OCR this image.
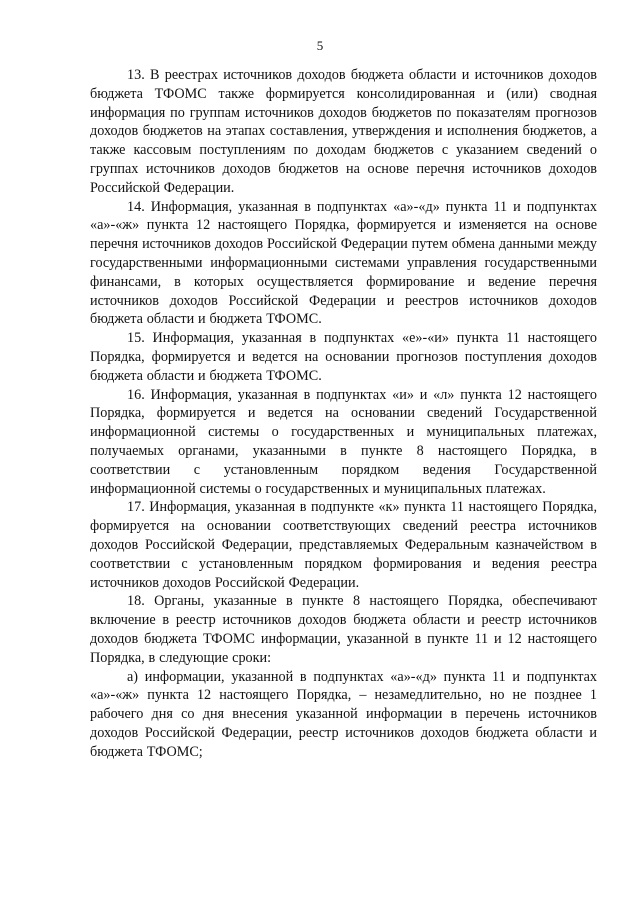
5

13. В реестрах источников доходов бюджета области и источников доходов бюджета ТФОМС также формируется консолидированная и (или) сводная информация по группам источников доходов бюджетов по показателям прогнозов доходов бюджетов на этапах составления, утверждения и исполнения бюджетов, а также кассовым поступлениям по доходам бюджетов с указанием сведений о группах источников доходов бюджетов на основе перечня источников доходов Российской Федерации.

14. Информация, указанная в подпунктах «а»-«д» пункта 11 и подпунктах «а»-«ж» пункта 12 настоящего Порядка, формируется и изменяется на основе перечня источников доходов Российской Федерации путем обмена данными между государственными информационными системами управления государственными финансами, в которых осуществляется формирование и ведение перечня источников доходов Российской Федерации и реестров источников доходов бюджета области и бюджета ТФОМС.

15. Информация, указанная в подпунктах «е»-«и» пункта 11 настоящего Порядка, формируется и ведется на основании прогнозов поступления доходов бюджета области и бюджета ТФОМС.

16. Информация, указанная в подпунктах «и» и «л» пункта 12 настоящего Порядка, формируется и ведется на основании сведений Государственной информационной системы о государственных и муниципальных платежах, получаемых органами, указанными в пункте 8 настоящего Порядка, в соответствии с установленным порядком ведения Государственной информационной системы о государственных и муниципальных платежах.

17. Информация, указанная в подпункте «к» пункта 11 настоящего Порядка, формируется на основании соответствующих сведений реестра источников доходов Российской Федерации, представляемых Федеральным казначейством в соответствии с установленным порядком формирования и ведения реестра источников доходов Российской Федерации.

18. Органы, указанные в пункте 8 настоящего Порядка, обеспечивают включение в реестр источников доходов бюджета области и реестр источников доходов бюджета ТФОМС информации, указанной в пункте 11 и 12 настоящего Порядка, в следующие сроки:

а) информации, указанной в подпунктах «а»-«д» пункта 11 и подпунктах «а»-«ж» пункта 12 настоящего Порядка, – незамедлительно, но не позднее 1 рабочего дня со дня внесения указанной информации в перечень источников доходов Российской Федерации, реестр источников доходов бюджета области и бюджета ТФОМС;
